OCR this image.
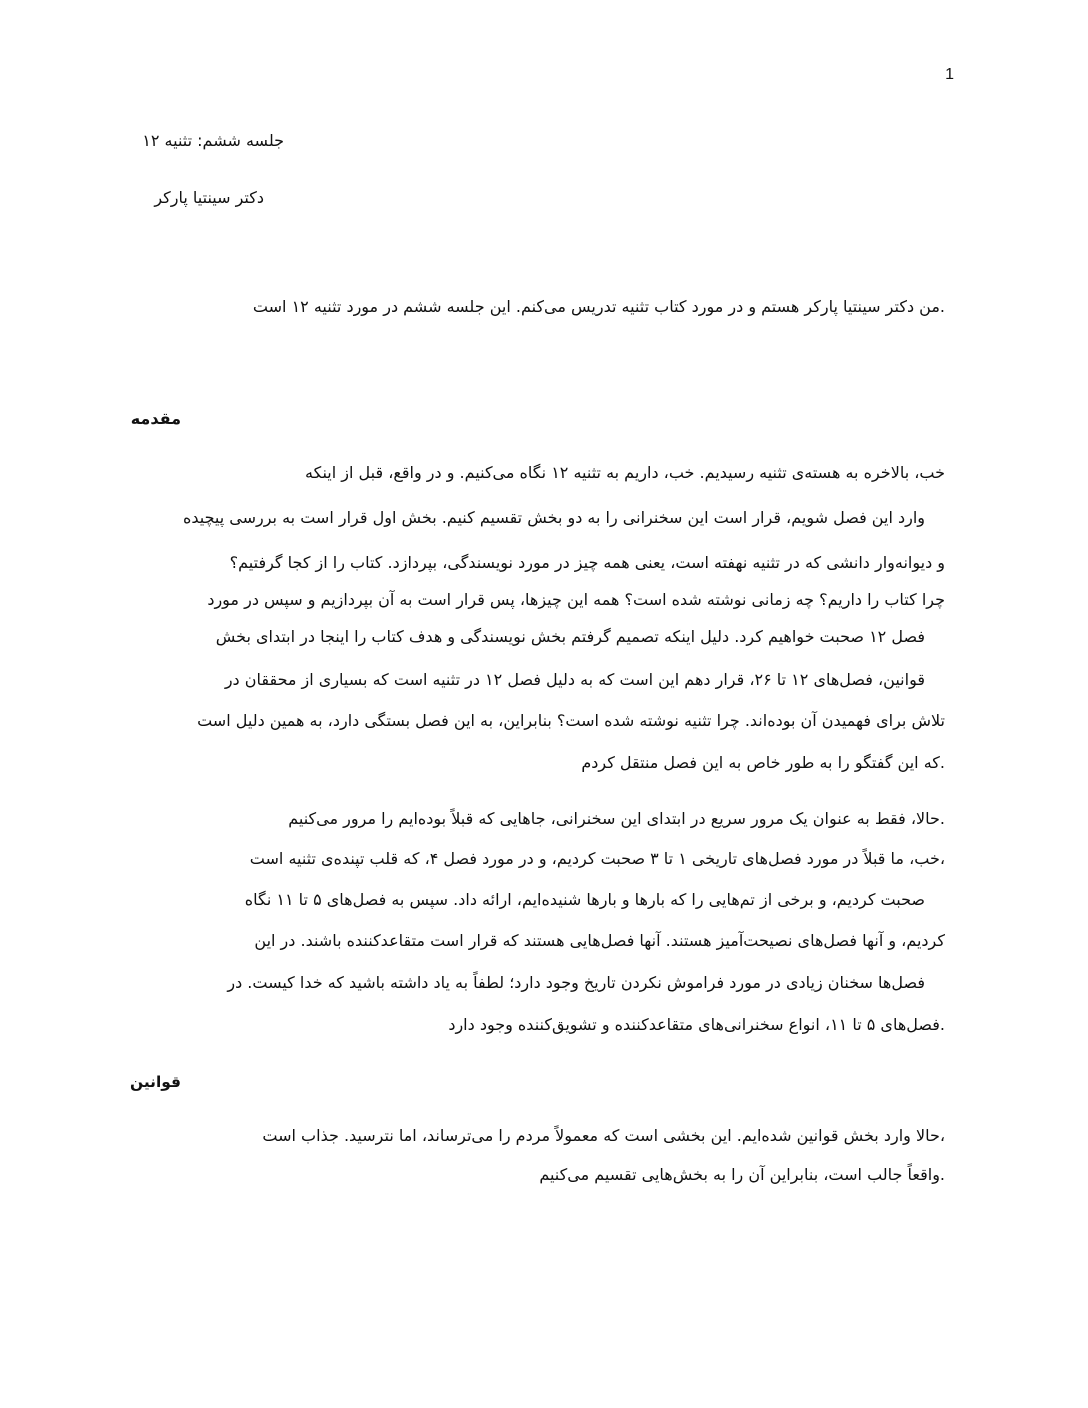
1
جلسه ششم: تثنیه ۱۲
دکتر سینتیا پارکر
.من دکتر سینتیا پارکر هستم و در مورد کتاب تثنیه تدریس می‌کنم. این جلسه ششم در مورد تثنیه ۱۲ است
مقدمه
خب، بالاخره به هسته‌ی تثنیه رسیدیم. خب، داریم به تثنیه ۱۲ نگاه می‌کنیم. و در واقع، قبل از اینکه
وارد این فصل شویم، قرار است این سخنرانی را به دو بخش تقسیم کنیم. بخش اول قرار است به بررسی پیچیده
و دیوانه‌وار دانشی که در تثنیه نهفته است، یعنی همه چیز در مورد نویسندگی، بپردازد. کتاب را از کجا گرفتیم؟
چرا کتاب را داریم؟ چه زمانی نوشته شده است؟ همه این چیزها، پس قرار است به آن بپردازیم و سپس در مورد
فصل ۱۲ صحبت خواهیم کرد. دلیل اینکه تصمیم گرفتم بخش نویسندگی و هدف کتاب را اینجا در ابتدای بخش
قوانین، فصل‌های ۱۲ تا ۲۶، قرار دهم این است که به دلیل فصل ۱۲ در تثنیه است که بسیاری از محققان در
تلاش برای فهمیدن آن بوده‌اند. چرا تثنیه نوشته شده است؟ بنابراین، به این فصل بستگی دارد، به همین دلیل است
.که این گفتگو را به طور خاص به این فصل منتقل کردم
.حالا، فقط به عنوان یک مرور سریع در ابتدای این سخنرانی، جاهایی که قبلاً بوده‌ایم را مرور می‌کنیم
،خب، ما قبلاً در مورد فصل‌های تاریخی ۱ تا ۳ صحبت کردیم، و در مورد فصل ۴، که قلب تپنده‌ی تثنیه است
صحبت کردیم، و برخی از تم‌هایی را که بارها و بارها شنیده‌ایم، ارائه داد. سپس به فصل‌های ۵ تا ۱۱ نگاه
کردیم، و آنها فصل‌های نصیحت‌آمیز هستند. آنها فصل‌هایی هستند که قرار است متقاعدکننده باشند. در این
فصل‌ها سخنان زیادی در مورد فراموش نکردن تاریخ وجود دارد؛ لطفاً به یاد داشته باشید که خدا کیست. در
.فصل‌های ۵ تا ۱۱، انواع سخنرانی‌های متقاعدکننده و تشویق‌کننده وجود دارد
قوانین
،حالا وارد بخش قوانین شده‌ایم. این بخشی است که معمولاً مردم را می‌ترساند، اما نترسید. جذاب است
.واقعاً جالب است، بنابراین آن را به بخش‌هایی تقسیم می‌کنیم
